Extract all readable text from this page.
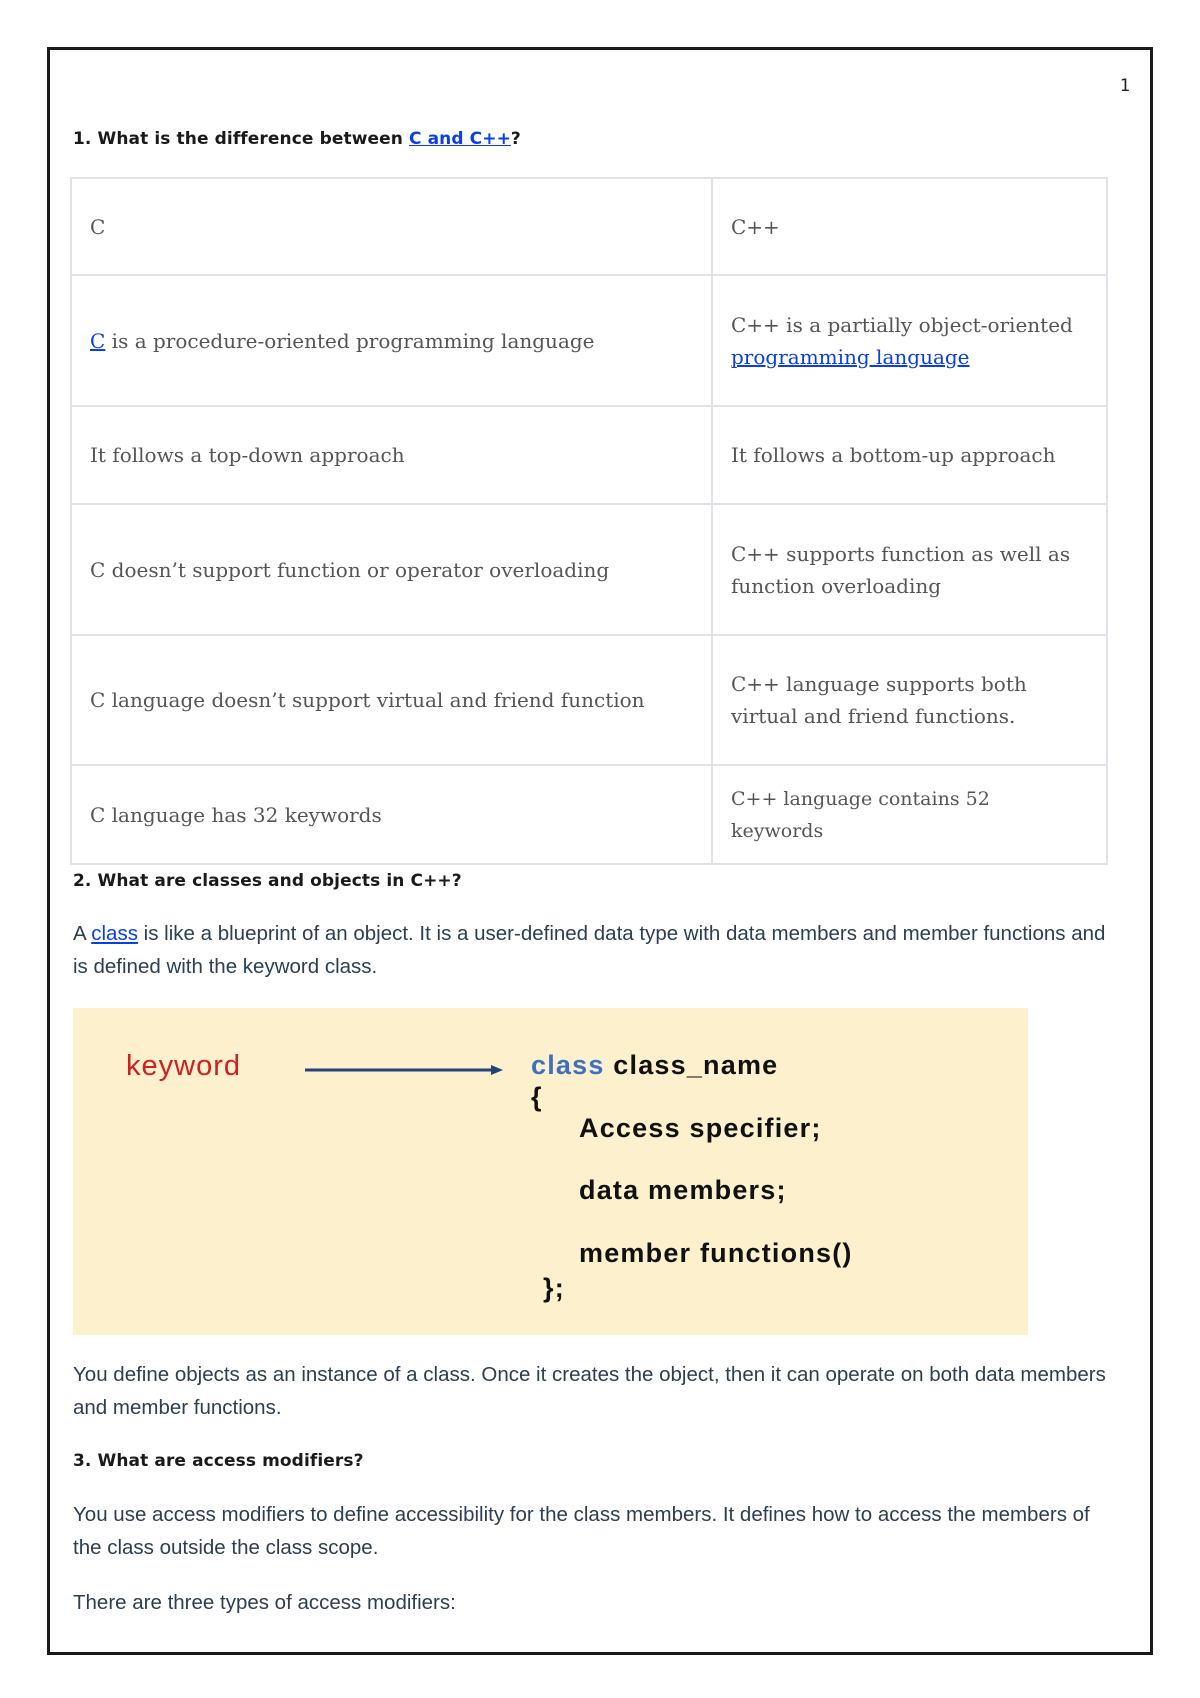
1
1. What is the difference between C and C++?
C	C++
C is a procedure-oriented programming language	C++ is a partially object-oriented programming language
It follows a top-down approach	It follows a bottom-up approach
C doesn’t support function or operator overloading	C++ supports function as well as function overloading
C language doesn’t support virtual and friend function	C++ language supports both virtual and friend functions.
C language has 32 keywords	C++ language contains 52 keywords
2. What are classes and objects in C++?
A class is like a blueprint of an object. It is a user-defined data type with data members and member functions and is defined with the keyword class.
keyword	class class_name
{
Access specifier;
data members;
member functions()
};
You define objects as an instance of a class. Once it creates the object, then it can operate on both data members and member functions.
3. What are access modifiers?
You use access modifiers to define accessibility for the class members. It defines how to access the members of the class outside the class scope.
There are three types of access modifiers:
